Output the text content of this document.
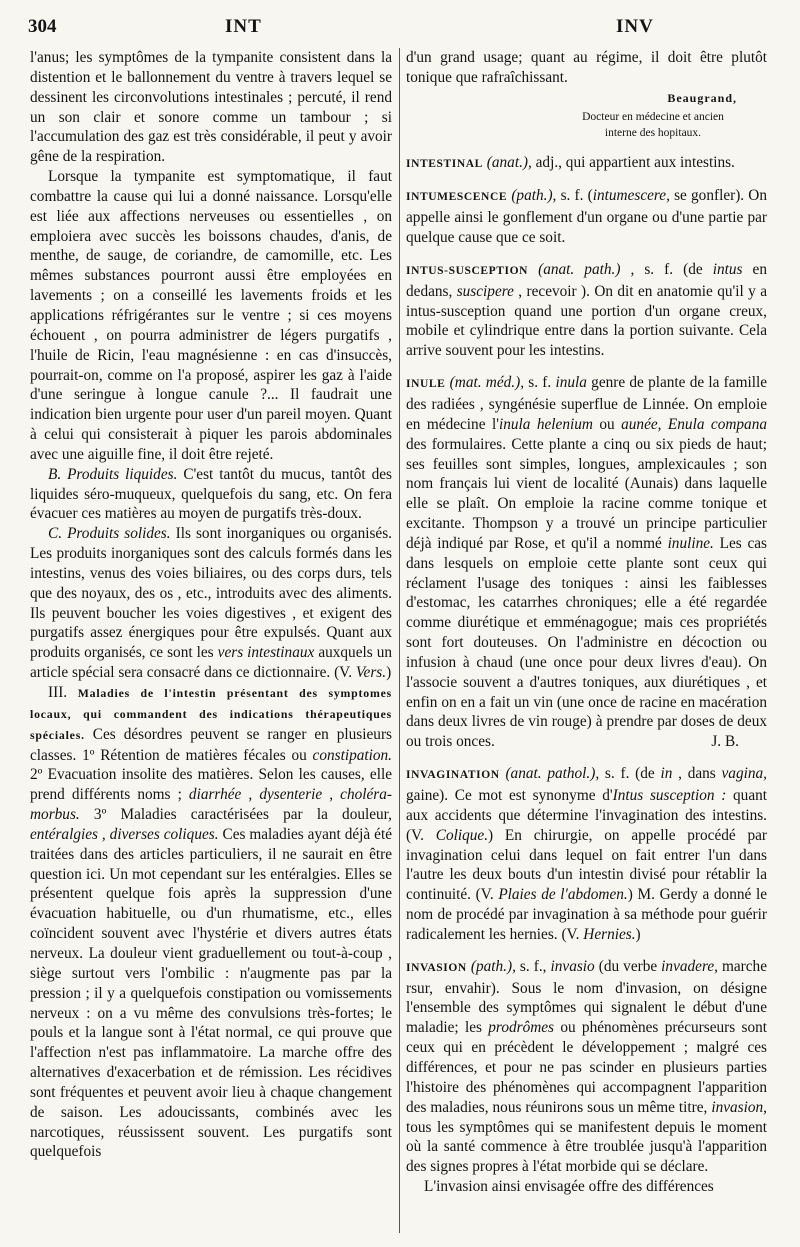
304	INT	INV

l'anus; les symptômes de la tympanite consistent dans la distention et le ballonnement du ventre à travers lequel se dessinent les circonvolutions intestinales ; percuté, il rend un son clair et sonore comme un tambour ; si l'accumulation des gaz est très considérable, il peut y avoir gêne de la respiration.

Lorsque la tympanite est symptomatique, il faut combattre la cause qui lui a donné naissance. Lorsqu'elle est liée aux affections nerveuses ou essentielles , on emploiera avec succès les boissons chaudes, d'anis, de menthe, de sauge, de coriandre, de camomille, etc. Les mêmes substances pourront aussi être employées en lavements ; on a conseillé les lavements froids et les applications réfrigérantes sur le ventre ; si ces moyens échouent , on pourra administrer de légers purgatifs , l'huile de Ricin, l'eau magnésienne : en cas d'insuccès, pourrait-on, comme on l'a proposé, aspirer les gaz à l'aide d'une seringue à longue canule ?... Il faudrait une indication bien urgente pour user d'un pareil moyen. Quant à celui qui consisterait à piquer les parois abdominales avec une aiguille fine, il doit être rejeté.

B. Produits liquides. C'est tantôt du mucus, tantôt des liquides séro-muqueux, quelquefois du sang, etc. On fera évacuer ces matières au moyen de purgatifs très-doux.

C. Produits solides. Ils sont inorganiques ou organisés. Les produits inorganiques sont des calculs formés dans les intestins, venus des voies biliaires, ou des corps durs, tels que des noyaux, des os , etc., introduits avec des aliments. Ils peuvent boucher les voies digestives , et exigent des purgatifs assez énergiques pour être expulsés. Quant aux produits organisés, ce sont les vers intestinaux auxquels un article spécial sera consacré dans ce dictionnaire. (V. Vers.)

III. Maladies de l'intestin présentant des symptomes locaux, qui commandent des indications thérapeutiques spéciales. Ces désordres peuvent se ranger en plusieurs classes. 1º Rétention de matières fécales ou constipation. 2º Evacuation insolite des matières. Selon les causes, elle prend différents noms ; diarrhée , dysenterie , choléra-morbus. 3º Maladies caractérisées par la douleur, entéralgies , diverses coliques. Ces maladies ayant déjà été traitées dans des articles particuliers, il ne saurait en être question ici. Un mot cependant sur les entéralgies. Elles se présentent quelque fois après la suppression d'une évacuation habituelle, ou d'un rhumatisme, etc., elles coïncident souvent avec l'hystérie et divers autres états nerveux. La douleur vient graduellement ou tout-à-coup , siège surtout vers l'ombilic : n'augmente pas par la pression ; il y a quelquefois constipation ou vomissements nerveux : on a vu même des convulsions très-fortes; le pouls et la langue sont à l'état normal, ce qui prouve que l'affection n'est pas inflammatoire. La marche offre des alternatives d'exacerbation et de rémission. Les récidives sont fréquentes et peuvent avoir lieu à chaque changement de saison. Les adoucissants, combinés avec les narcotiques, réussissent souvent. Les purgatifs sont quelquefois

d'un grand usage; quant au régime, il doit être plutôt tonique que rafraîchissant.

Beaugrand,

Docteur en médecine et ancien
interne des hopitaux.

INTESTINAL (anat.), adj., qui appartient aux intestins.

INTUMESCENCE (path.), s. f. (intumescere, se gonfler). On appelle ainsi le gonflement d'un organe ou d'une partie par quelque cause que ce soit.

INTUS-SUSCEPTION (anat. path.) , s. f. (de intus en dedans, suscipere , recevoir ). On dit en anatomie qu'il y a intus-susception quand une portion d'un organe creux, mobile et cylindrique entre dans la portion suivante. Cela arrive souvent pour les intestins.

INULE (mat. méd.), s. f. inula genre de plante de la famille des radiées , syngénésie superflue de Linnée. On emploie en médecine l'inula helenium ou aunée, Enula compana des formulaires. Cette plante a cinq ou six pieds de haut; ses feuilles sont simples, longues, amplexicaules ; son nom français lui vient de localité (Aunais) dans laquelle elle se plaît. On emploie la racine comme tonique et excitante. Thompson y a trouvé un principe particulier déjà indiqué par Rose, et qu'il a nommé inuline. Les cas dans lesquels on emploie cette plante sont ceux qui réclament l'usage des toniques : ainsi les faiblesses d'estomac, les catarrhes chroniques; elle a été regardée comme diurétique et emménagogue; mais ces propriétés sont fort douteuses. On l'administre en décoction ou infusion à chaud (une once pour deux livres d'eau). On l'associe souvent a d'autres toniques, aux diurétiques , et enfin on en a fait un vin (une once de racine en macération dans deux livres de vin rouge) à prendre par doses de deux ou trois onces.	J. B.

INVAGINATION (anat. pathol.), s. f. (de in , dans vagina, gaine). Ce mot est synonyme d'Intus susception : quant aux accidents que détermine l'invagination des intestins. (V. Colique.) En chirurgie, on appelle procédé par invagination celui dans lequel on fait entrer l'un dans l'autre les deux bouts d'un intestin divisé pour rétablir la continuité. (V. Plaies de l'abdomen.) M. Gerdy a donné le nom de procédé par invagination à sa méthode pour guérir radicalement les hernies. (V. Hernies.)

INVASION (path.), s. f., invasio (du verbe invadere, marche rsur, envahir). Sous le nom d'invasion, on désigne l'ensemble des symptômes qui signalent le début d'une maladie; les prodrômes ou phénomènes précurseurs sont ceux qui en précèdent le développement ; malgré ces différences, et pour ne pas scinder en plusieurs parties l'histoire des phénomènes qui accompagnent l'apparition des maladies, nous réunirons sous un même titre, invasion, tous les symptômes qui se manifestent depuis le moment où la santé commence à être troublée jusqu'à l'apparition des signes propres à l'état morbide qui se déclare.

L'invasion ainsi envisagée offre des différences
